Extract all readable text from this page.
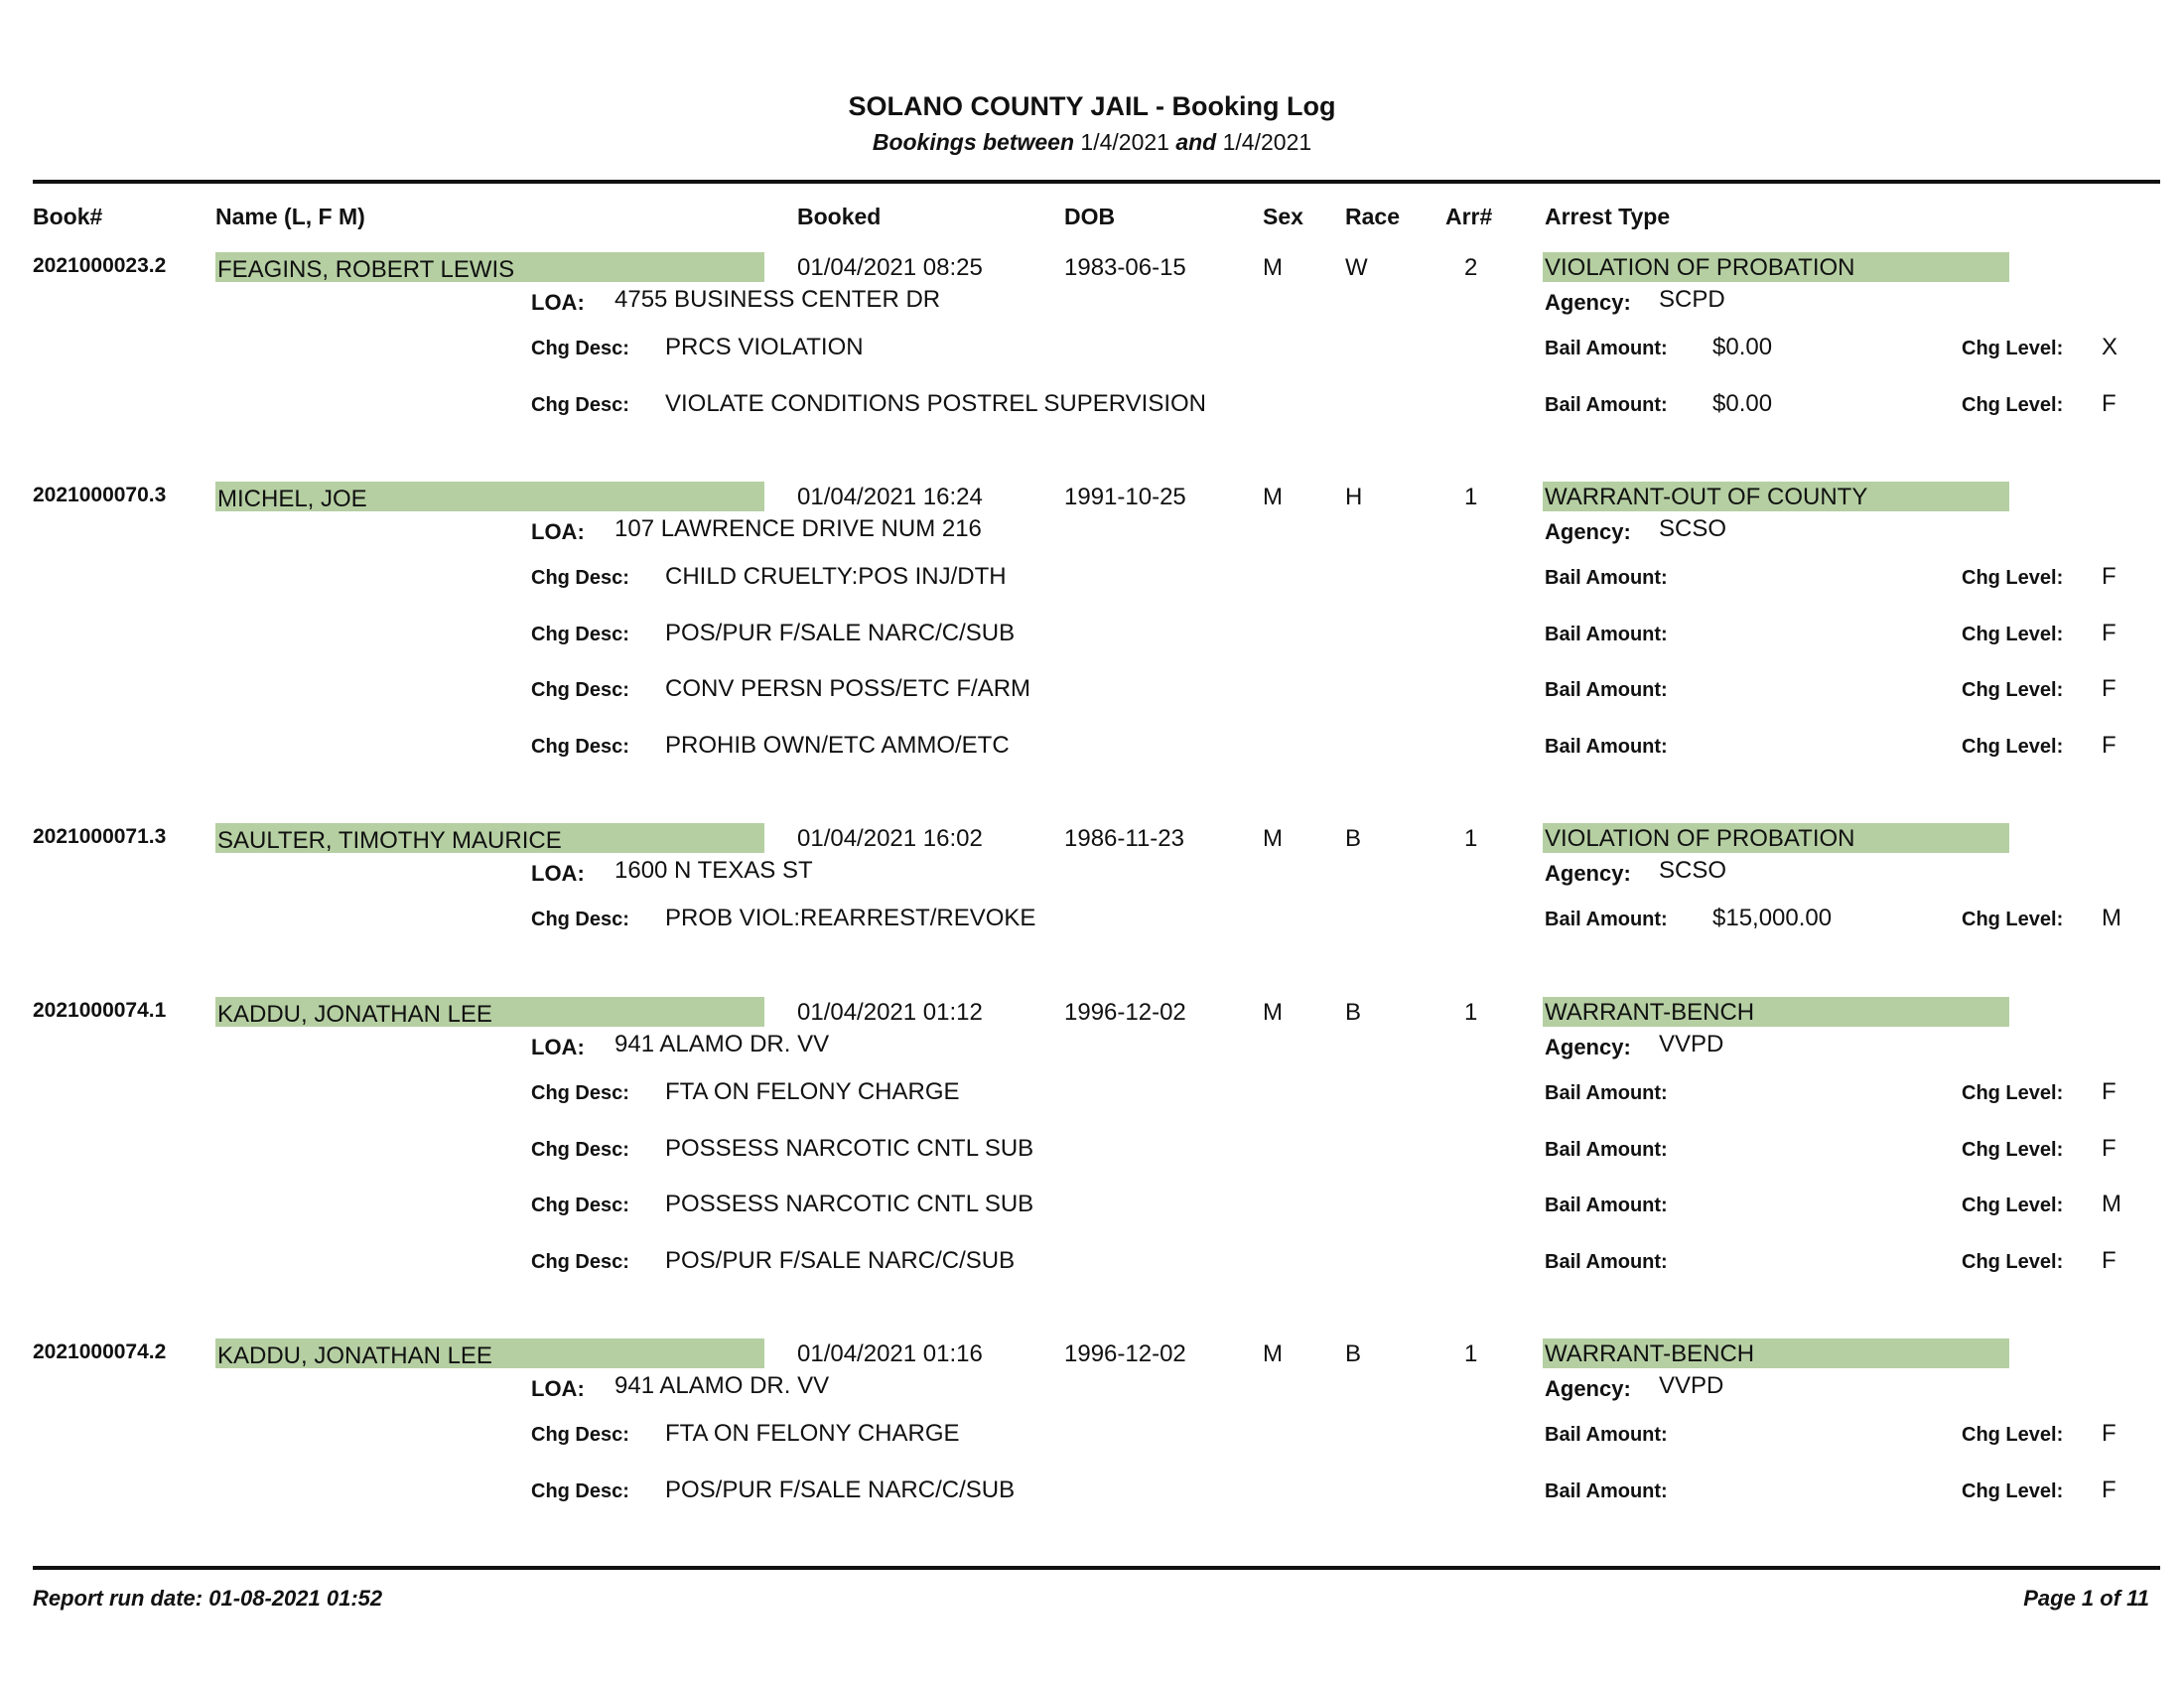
SOLANO COUNTY JAIL - Booking Log
Bookings between 1/4/2021 and 1/4/2021
Book#	Name (L, F M)	Booked	DOB	Sex Race Arr# Arrest Type
2021000023.2 FEAGINS, ROBERT LEWIS	01/04/2021 08:25	1983-06-15	M	W	2	VIOLATION OF PROBATION
LOA: 4755 BUSINESS CENTER DR	Agency: SCPD
Chg Desc: PRCS VIOLATION	Bail Amount: $0.00	Chg Level: X
Chg Desc: VIOLATE CONDITIONS POSTREL SUPERVISION	Bail Amount: $0.00	Chg Level: F
2021000070.3 MICHEL, JOE	01/04/2021 16:24	1991-10-25	M	H	1	WARRANT-OUT OF COUNTY
LOA: 107 LAWRENCE DRIVE NUM 216	Agency: SCSO
Chg Desc: CHILD CRUELTY:POS INJ/DTH	Bail Amount:	Chg Level: F
Chg Desc: POS/PUR F/SALE NARC/C/SUB	Bail Amount:	Chg Level: F
Chg Desc: CONV PERSN POSS/ETC F/ARM	Bail Amount:	Chg Level: F
Chg Desc: PROHIB OWN/ETC AMMO/ETC	Bail Amount:	Chg Level: F
2021000071.3 SAULTER, TIMOTHY MAURICE	01/04/2021 16:02	1986-11-23	M	B	1	VIOLATION OF PROBATION
LOA: 1600 N TEXAS ST	Agency: SCSO
Chg Desc: PROB VIOL:REARREST/REVOKE	Bail Amount: $15,000.00	Chg Level: M
2021000074.1 KADDU, JONATHAN LEE	01/04/2021 01:12	1996-12-02	M	B	1	WARRANT-BENCH
LOA: 941 ALAMO DR. VV	Agency: VVPD
Chg Desc: FTA ON FELONY CHARGE	Bail Amount:	Chg Level: F
Chg Desc: POSSESS NARCOTIC CNTL SUB	Bail Amount:	Chg Level: F
Chg Desc: POSSESS NARCOTIC CNTL SUB	Bail Amount:	Chg Level: M
Chg Desc: POS/PUR F/SALE NARC/C/SUB	Bail Amount:	Chg Level: F
2021000074.2 KADDU, JONATHAN LEE	01/04/2021 01:16	1996-12-02	M	B	1	WARRANT-BENCH
LOA: 941 ALAMO DR. VV	Agency: VVPD
Chg Desc: FTA ON FELONY CHARGE	Bail Amount:	Chg Level: F
Chg Desc: POS/PUR F/SALE NARC/C/SUB	Bail Amount:	Chg Level: F
Report run date: 01-08-2021 01:52	Page 1 of 11
